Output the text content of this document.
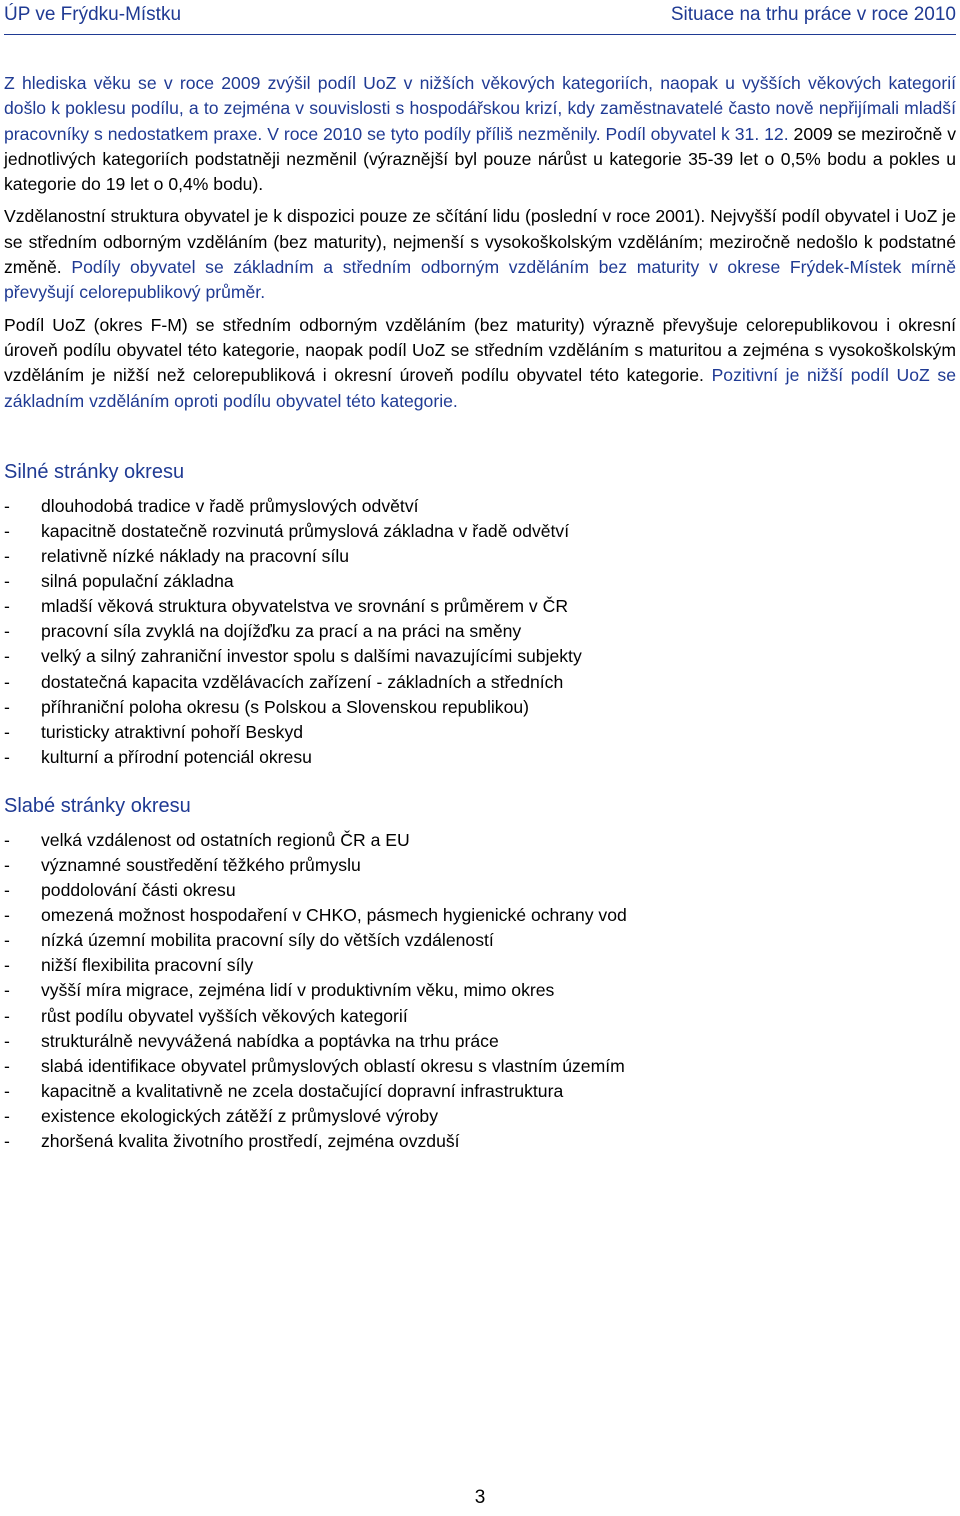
ÚP ve Frýdku-Místku	Situace na trhu práce v roce 2010

Z hlediska věku se v roce 2009 zvýšil podíl UoZ v nižších věkových kategoriích, naopak u vyšších věkových kategorií došlo k poklesu podílu, a to zejména v souvislosti s hospodářskou krizí, kdy zaměstnavatelé často nově nepřijímali mladší pracovníky s nedostatkem praxe. V roce 2010 se tyto podíly příliš nezměnily. Podíl obyvatel k 31. 12. 2009 se meziročně v jednotlivých kategoriích podstatněji nezměnil (výraznější byl pouze nárůst u kategorie 35-39 let o 0,5% bodu a pokles u kategorie do 19 let o 0,4% bodu).

Vzdělanostní struktura obyvatel je k dispozici pouze ze sčítání lidu (poslední v roce 2001). Nejvyšší podíl obyvatel i UoZ je se středním odborným vzděláním (bez maturity), nejmenší s vysokoškolským vzděláním; meziročně nedošlo k podstatné změně. Podíly obyvatel se základním a středním odborným vzděláním bez maturity v okrese Frýdek-Místek mírně převyšují celorepublikový průměr.

Podíl UoZ (okres F-M) se středním odborným vzděláním (bez maturity) výrazně převyšuje celorepublikovou i okresní úroveň podílu obyvatel této kategorie, naopak podíl UoZ se středním vzděláním s maturitou a zejména s vysokoškolským vzděláním je nižší než celorepubliková i okresní úroveň podílu obyvatel této kategorie. Pozitivní je nižší podíl UoZ se základním vzděláním oproti podílu obyvatel této kategorie.

Silné stránky okresu
- dlouhodobá tradice v řadě průmyslových odvětví
- kapacitně dostatečně rozvinutá průmyslová základna v řadě odvětví
- relativně nízké náklady na pracovní sílu
- silná populační základna
- mladší věková struktura obyvatelstva ve srovnání s průměrem v ČR
- pracovní síla zvyklá na dojížďku za prací a na práci na směny
- velký a silný zahraniční investor spolu s dalšími navazujícími subjekty
- dostatečná kapacita vzdělávacích zařízení - základních a středních
- příhraniční poloha okresu (s Polskou a Slovenskou republikou)
- turisticky atraktivní pohoří Beskyd
- kulturní a přírodní potenciál okresu
Slabé stránky okresu
- velká vzdálenost od ostatních regionů ČR a EU
- významné soustředění těžkého průmyslu
- poddolování části okresu
- omezená možnost hospodaření v CHKO, pásmech hygienické ochrany vod
- nízká územní mobilita pracovní síly do větších vzdáleností
- nižší flexibilita pracovní síly
- vyšší míra migrace, zejména lidí v produktivním věku, mimo okres
- růst podílu obyvatel vyšších věkových kategorií
- strukturálně nevyvážená nabídka a poptávka na trhu práce
- slabá identifikace obyvatel průmyslových oblastí okresu s vlastním územím
- kapacitně a kvalitativně ne zcela dostačující dopravní infrastruktura
- existence ekologických zátěží z průmyslové výroby
- zhoršená kvalita životního prostředí, zejména ovzduší
3
